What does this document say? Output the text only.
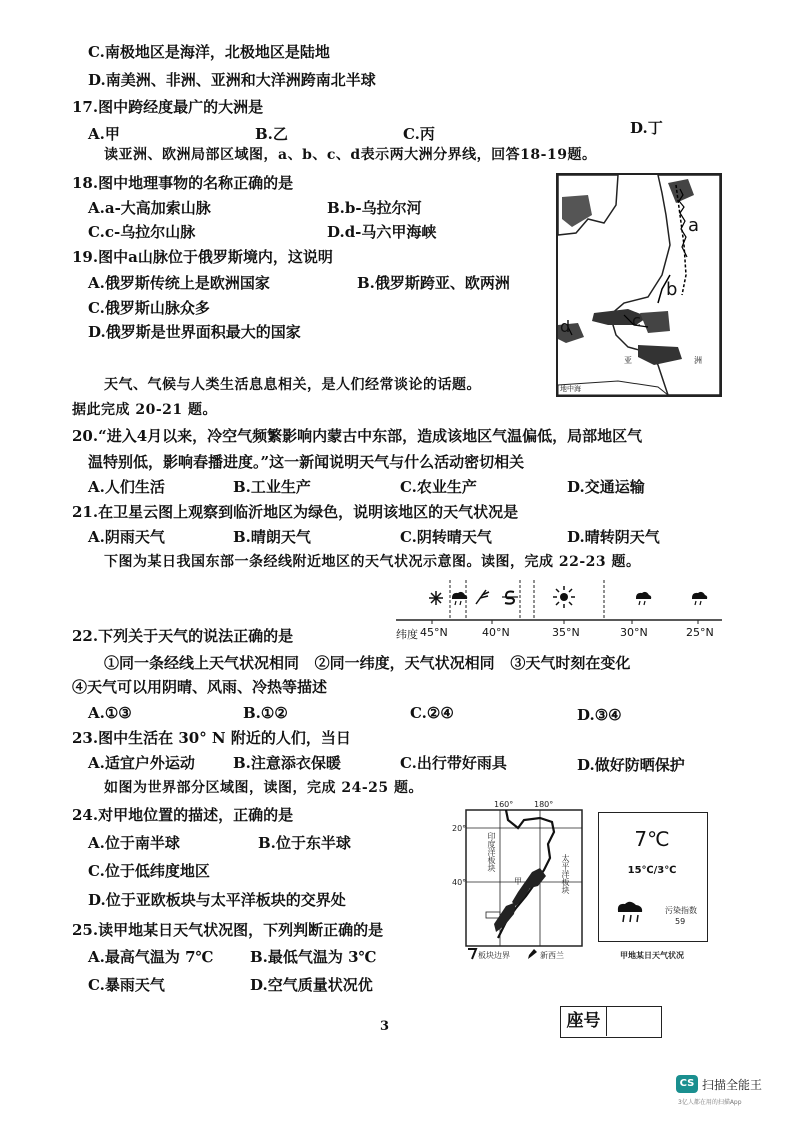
C.南极地区是海洋，北极地区是陆地
D.南美洲、非洲、亚洲和大洋洲跨南北半球
17.图中跨经度最广的大洲是
A.甲	B.乙	C.丙	D.丁
读亚洲、欧洲局部区域图，a、b、c、d表示两大洲分界线，回答18-19题。
18.图中地理事物的名称正确的是
A.a-大高加索山脉	B.b-乌拉尔河
C.c-乌拉尔山脉	D.d-马六甲海峡
19.图中a山脉位于俄罗斯境内，这说明
A.俄罗斯传统上是欧洲国家	B.俄罗斯跨亚、欧两洲
C.俄罗斯山脉众多
D.俄罗斯是世界面积最大的国家
a
b
c
d
亚	洲
地中海
天气、气候与人类生活息息相关，是人们经常谈论的话题。
据此完成 20-21 题。
20.“进入4月以来，冷空气频繁影响内蒙古中东部，造成该地区气温偏低，局部地区气
温特别低，影响春播进度。”这一新闻说明天气与什么活动密切相关
A.人们生活	B.工业生产	C.农业生产	D.交通运输
21.在卫星云图上观察到临沂地区为绿色，说明该地区的天气状况是
A.阴雨天气	B.晴朗天气	C.阴转晴天气	D.晴转阴天气
下图为某日我国东部一条经线附近地区的天气状况示意图。读图，完成 22-23 题。
纬度 45°N	40°N	35°N	30°N	25°N
22.下列关于天气的说法正确的是
①同一条经线上天气状况相同   ②同一纬度，天气状况相同   ③天气时刻在变化
④天气可以用阴晴、风雨、冷热等描述
A.①③	B.①②	C.②④	D.③④
23.图中生活在 30° N 附近的人们，当日
A.适宜户外运动	B.注意添衣保暖	C.出行带好雨具	D.做好防晒保护
如图为世界部分区域图，读图，完成 24-25 题。
24.对甲地位置的描述，正确的是
A.位于南半球	B.位于东半球
C.位于低纬度地区
D.位于亚欧板块与太平洋板块的交界处
25.读甲地某日天气状况图，下列判断正确的是
A.最高气温为 7℃ B.最低气温为 3℃
C.暴雨天气	D.空气质量状况优
160°	180°
20°
40°
印度洋板块
太平洋板块
甲
板块边界	新西兰
7℃
15℃/3℃
污染指数
59
甲地某日天气状况
3	座号
CS 扫描全能王
3亿人都在用的扫描App
